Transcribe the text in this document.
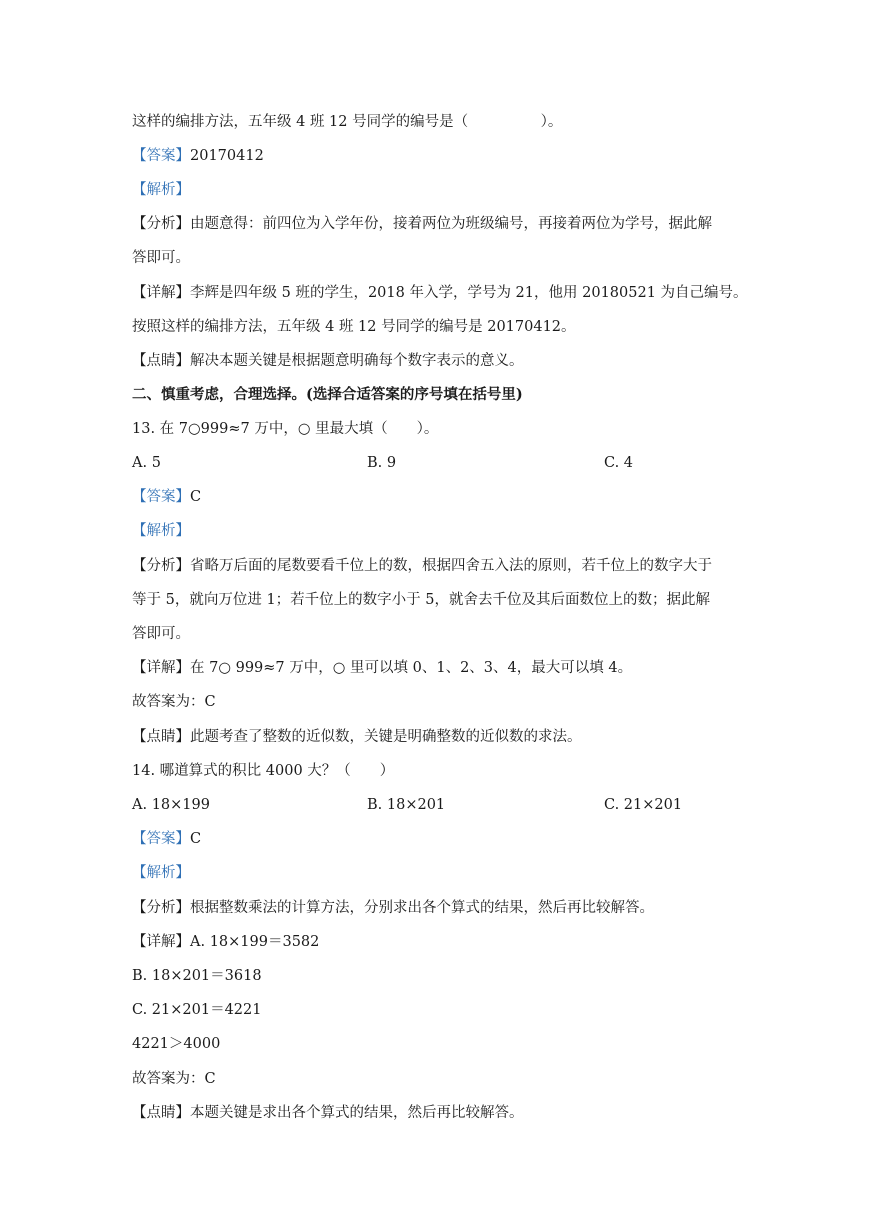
这样的编排方法，五年级 4 班 12 号同学的编号是（　　　　　）。
【答案】20170412
【解析】
【分析】由题意得：前四位为入学年份，接着两位为班级编号，再接着两位为学号，据此解
答即可。
【详解】李辉是四年级 5 班的学生，2018 年入学，学号为 21，他用 20180521 为自己编号。
按照这样的编排方法，五年级 4 班 12 号同学的编号是 20170412。
【点睛】解决本题关键是根据题意明确每个数字表示的意义。
二、慎重考虑，合理选择。(选择合适答案的序号填在括号里)
13. 在 7○999≈7 万中，○ 里最大填（　　）。
A. 5	B. 9	C. 4
【答案】C
【解析】
【分析】省略万后面的尾数要看千位上的数，根据四舍五入法的原则，若千位上的数字大于
等于 5，就向万位进 1；若千位上的数字小于 5，就舍去千位及其后面数位上的数；据此解
答即可。
【详解】在 7○ 999≈7 万中，○ 里可以填 0、1、2、3、4，最大可以填 4。
故答案为：C
【点睛】此题考查了整数的近似数，关键是明确整数的近似数的求法。
14. 哪道算式的积比 4000 大？（　　）
A. 18×199	B. 18×201	C. 21×201
【答案】C
【解析】
【分析】根据整数乘法的计算方法，分别求出各个算式的结果，然后再比较解答。
【详解】A. 18×199＝3582
B. 18×201＝3618
C. 21×201＝4221
4221＞4000
故答案为：C
【点睛】本题关键是求出各个算式的结果，然后再比较解答。
